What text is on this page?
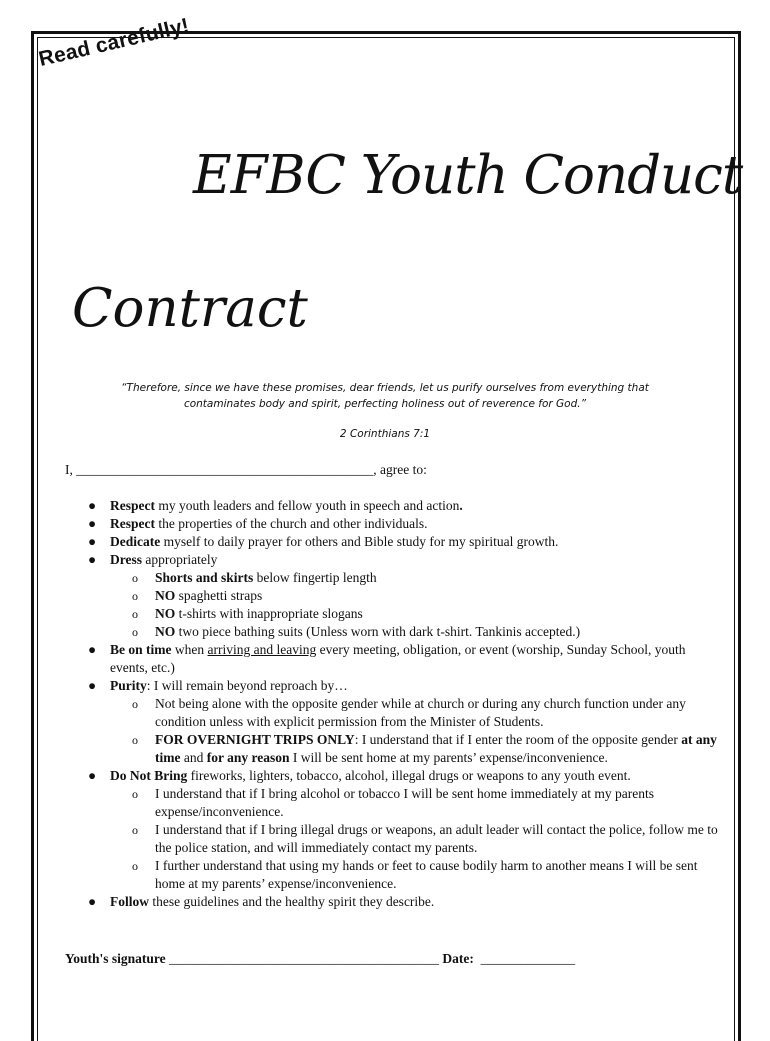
Read carefully!
EFBC Youth Conduct
Contract
“Therefore, since we have these promises, dear friends, let us purify ourselves from everything that contaminates body and spirit, perfecting holiness out of reverence for God.”
2 Corinthians 7:1
I, ____________________________________________, agree to:
● Respect my youth leaders and fellow youth in speech and action.
● Respect the properties of the church and other individuals.
● Dedicate myself to daily prayer for others and Bible study for my spiritual growth.
● Dress appropriately
o Shorts and skirts below fingertip length
o NO spaghetti straps
o NO t-shirts with inappropriate slogans
o NO two piece bathing suits (Unless worn with dark t-shirt. Tankinis accepted.)
● Be on time when arriving and leaving every meeting, obligation, or event (worship, Sunday School, youth events, etc.)
● Purity: I will remain beyond reproach by…
o Not being alone with the opposite gender while at church or during any church function under any condition unless with explicit permission from the Minister of Students.
o FOR OVERNIGHT TRIPS ONLY: I understand that if I enter the room of the opposite gender at any time and for any reason I will be sent home at my parents’ expense/inconvenience.
● Do Not Bring fireworks, lighters, tobacco, alcohol, illegal drugs or weapons to any youth event.
o I understand that if I bring alcohol or tobacco I will be sent home immediately at my parents expense/inconvenience.
o I understand that if I bring illegal drugs or weapons, an adult leader will contact the police, follow me to the police station, and will immediately contact my parents.
o I further understand that using my hands or feet to cause bodily harm to another means I will be sent home at my parents’ expense/inconvenience.
● Follow these guidelines and the healthy spirit they describe.
Youth's signature ________________________________________ Date:  ______________
